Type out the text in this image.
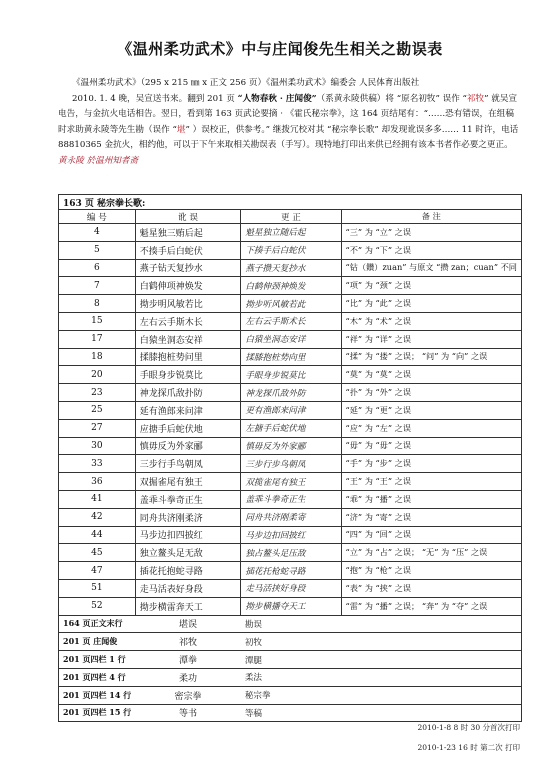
《温州柔功武术》中与庄闻俊先生相关之勘误表

《温州柔功武术》（295 x 215 ㎜ x 正文 256 页）《温州柔功武术》编委会 人民体育出版社

2010. 1. 4 晚，吴宣送书来。翻到 201 页 “人物春秋 · 庄闻俊”（系黄永陵供稿）将 “原名初牧” 误作 “祁牧” 就吴宣电告，与金抗火电话相告。翌日，看到第 163 页武论要摘 · 《霍氏秘宗拳》，这 164 页结尾有：“……恐有错误，在组稿时求助黄永陵等先生勘（误作 “堪” ）误校正，供参考。” 继拨冗校对其 “秘宗拳长歌” 却发现讹误多多…… 11 时许，电话 88810365 金抗火，相约他，可以于下午来取相关勘误表（手写）。现特地打印出来供已经拥有该本书者作必要之更正。 黄永陵 於温州知者斋

163 页 秘宗拳长歌:			
编 号	讹 误	更 正	备 注
4	魁星独三贿后起	魁星独立随后起	“三” 为 “立” 之误
5	不揍手后白蛇伏	下揍手后白蛇伏	“不” 为 “下” 之误
6	燕子钻天复抄水	燕子攒天复抄水	“钻（鑽）zuan” 与原文 “攒 zan；cuan” 不同
7	白鹤伸项神焕发	白鹤伸颈神焕发	“项” 为 “颈” 之误
8	拗步明风敏若比	拗步听风敏若此	“比” 为 “此” 之误
15	左右云手斯木长	左右云手斯术长	“木” 为 “术” 之误
17	白猿坐洞态安祥	白猿坐洞态安详	“祥” 为 “详” 之误
18	揉膝抱桩势问里	揉膝抱桩势向里	“揉” 为 “搂” 之误； “问” 为 “向” 之误
20	手眼身步锐莫比	手眼身步锐莫比	“莫” 为 “莫” 之误
23	神龙探爪敌扑防	神龙探爪敌外防	“扑” 为 “外” 之误
25	延有渔郎来问津	更有渔郎来问津	“延” 为 “更” 之误
27	应搪手后蛇伏地	左搪手后蛇伏地	“应” 为 “左” 之误
30	慎毋反为外家郦	慎毋反为外家郦	“毋” 为 “毋” 之误
33	三步行手鸟朝凤	三步行步鸟朝凤	“手” 为 “步” 之误
36	双掘雀尾有独王	双揽雀尾有独王	“王” 为 “王” 之误
41	盖乖斗拳奇正生	盖乖斗拳奇正生	“乖” 为 “播” 之误
42	同舟共济刚柔济	同舟共济刚柔寄	“济” 为 “寄” 之误
44	马步边扣四披红	马步边扣回披红	“四” 为 “回” 之误
45	独立鳌头足无敌	独占鳌头足压敌	“立” 为 “占” 之误； “无” 为 “压” 之误
47	插花托抱蛇寻路	插花托枪蛇寻路	“抱” 为 “枪” 之误
51	走马活表好身段	走马活挟好身段	“表” 为 “挟” 之误
52	拗步横雷奔天工	拗步横播夺天工	“雷” 为 “播” 之误； “奔” 为 “夺” 之误
164 页正文末行	堪误	勘误	
201 页 庄闻俊	祁牧	初牧	
201 页四栏 1 行	潭拳	潭腿	
201 页四栏 4 行	柔功	柔法	
201 页四栏 14 行	密宗拳	秘宗拳	
201 页四栏 15 行	等书	等稿	
2010-1-8 8 时 30 分首次打印
2010-1-23 16 时 第二次 打印
